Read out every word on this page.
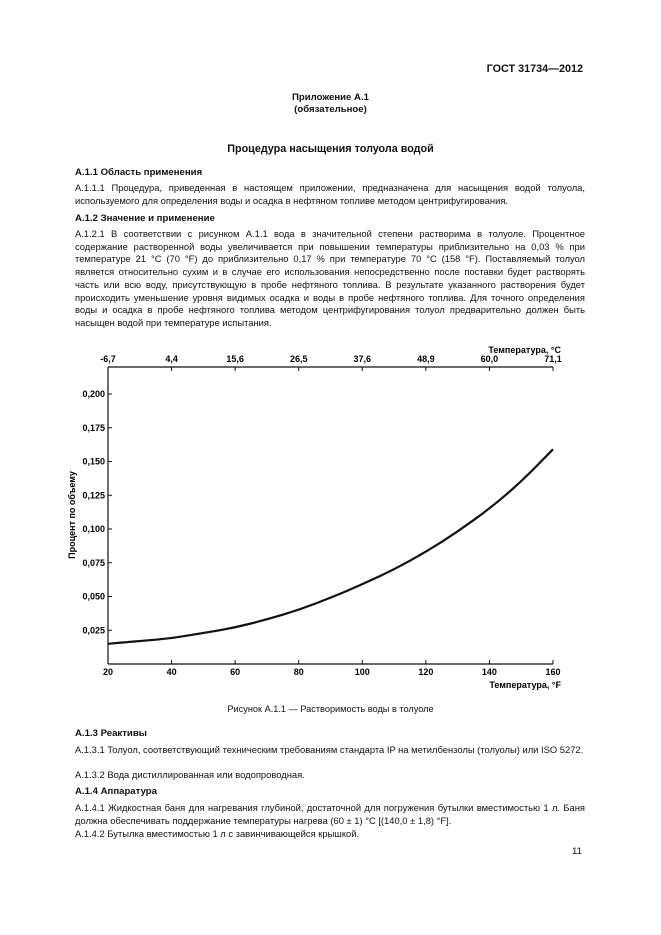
ГОСТ 31734—2012
Приложение А.1
(обязательное)
Процедура насыщения толуола водой
А.1.1 Область применения
А.1.1.1 Процедура, приведенная в настоящем приложении, предназначена для насыщения водой толуола, используемого для определения воды и осадка в нефтяном топливе методом центрифугирования.
А.1.2 Значение и применение
А.1.2.1 В соответствии с рисунком А.1.1 вода в значительной степени растворима в толуоле. Процентное содержание растворенной воды увеличивается при повышении температуры приблизительно на 0,03 % при температуре 21 °С (70 °F) до приблизительно 0,17 % при температуре 70 °С (158 °F). Поставляемый толуол является относительно сухим и в случае его использования непосредственно после поставки будет растворять часть или всю воду, присутствующую в пробе нефтяного топлива. В результате указанного растворения будет происходить уменьшение уровня видимых осадка и воды в пробе нефтяного топлива. Для точного определения воды и осадка в пробе нефтяного топлива методом центрифугирования толуол предварительно должен быть насыщен водой при температуре испытания.
-6,7	4,4	15,6	26,5	37,6	48,9	60,0	71,1
20	40	60	80	100	120	140	160
0,025
0,050
0,075
0,100
0,125
0,150
0,175
0,200
Температура, °С
Температура, °F
Процент по объему
Рисунок А.1.1 — Растворимость воды в толуоле
А.1.3 Реактивы
А.1.3.1 Толуол, соответствующий техническим требованиям стандарта IP на метилбензолы (толуолы) или ISO 5272.
А.1.3.2 Вода дистиллированная или водопроводная.
А.1.4 Аппаратура
А.1.4.1 Жидкостная баня для нагревания глубиной, достаточной для погружения бутылки вместимостью 1 л. Баня должна обеспечивать поддержание температуры нагрева (60 ± 1) °С [(140,0 ± 1,8) °F].
А.1.4.2 Бутылка вместимостью 1 л с завинчивающейся крышкой.
11
